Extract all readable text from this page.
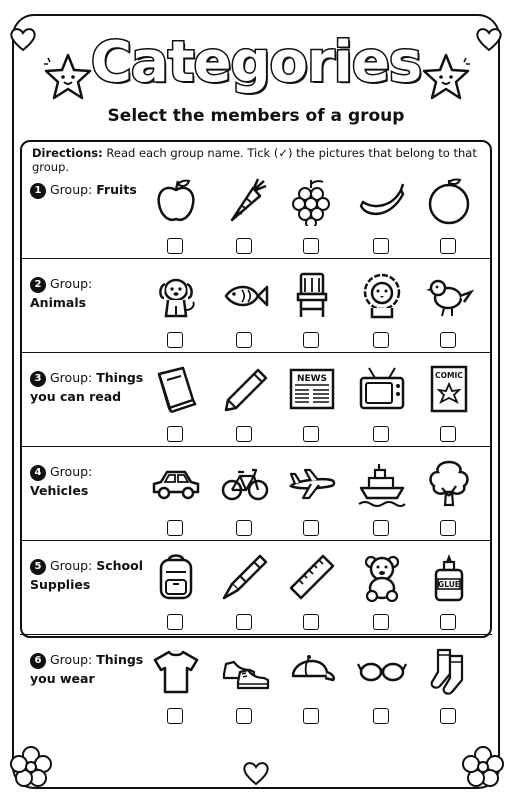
Categories
Select the members of a group
Directions: Read each group name. Tick (✓) the pictures that belong to that group.
1 Group: Fruits
2 Group: Animals
3 Group: Things you can read
NEWS	COMIC
4 Group: Vehicles
5 Group: School Supplies	GLUE
6 Group: Things you wear
